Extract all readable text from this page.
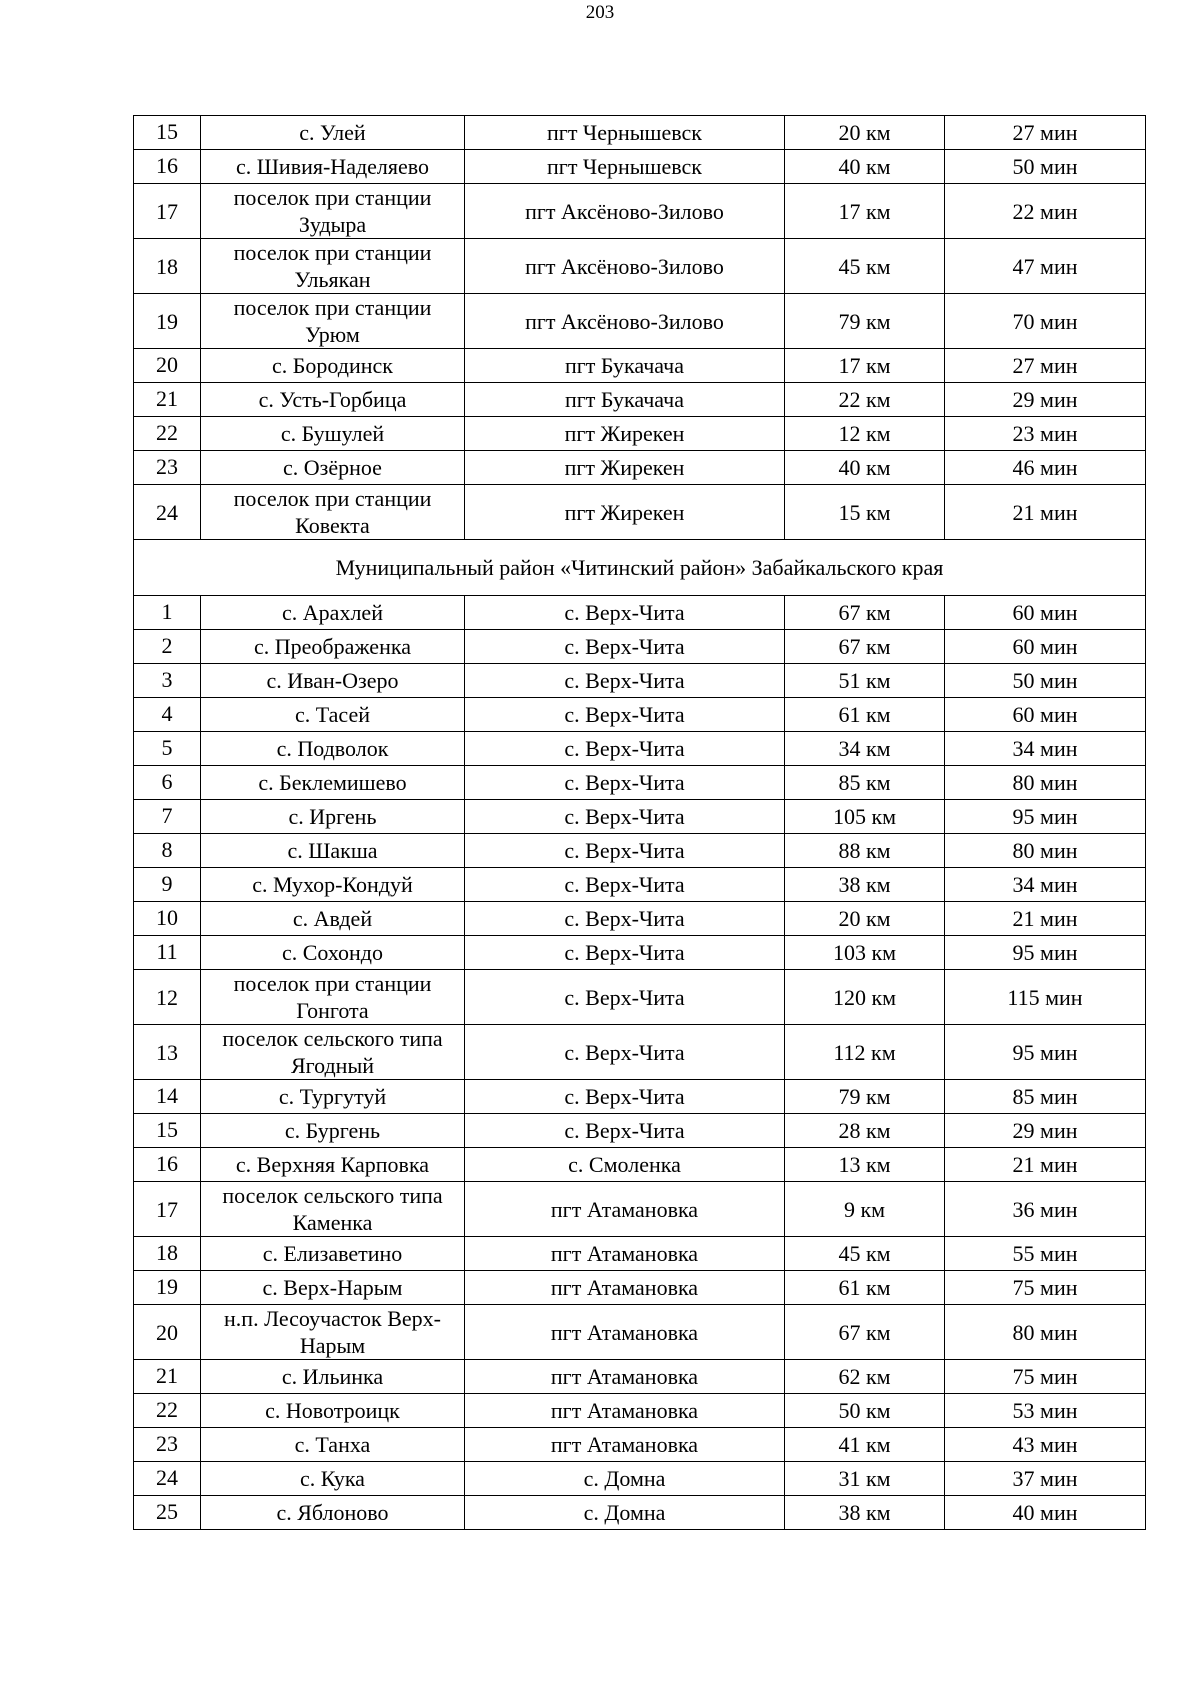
203
15	с. Улей	пгт Чернышевск	20 км	27 мин
16	с. Шивия-Наделяево	пгт Чернышевск	40 км	50 мин
17	поселок при станции Зудыра	пгт Аксёново-Зилово	17 км	22 мин
18	поселок при станции Ульякан	пгт Аксёново-Зилово	45 км	47 мин
19	поселок при станции Урюм	пгт Аксёново-Зилово	79 км	70 мин
20	с. Бородинск	пгт Букачача	17 км	27 мин
21	с. Усть-Горбица	пгт Букачача	22 км	29 мин
22	с. Бушулей	пгт Жирекен	12 км	23 мин
23	с. Озёрное	пгт Жирекен	40 км	46 мин
24	поселок при станции Ковекта	пгт Жирекен	15 км	21 мин
Муниципальный район «Читинский район» Забайкальского края				
1	с. Арахлей	с. Верх-Чита	67 км	60 мин
2	с. Преображенка	с. Верх-Чита	67 км	60 мин
3	с. Иван-Озеро	с. Верх-Чита	51 км	50 мин
4	с. Тасей	с. Верх-Чита	61 км	60 мин
5	с. Подволок	с. Верх-Чита	34 км	34 мин
6	с. Беклемишево	с. Верх-Чита	85 км	80 мин
7	с. Иргень	с. Верх-Чита	105 км	95 мин
8	с. Шакша	с. Верх-Чита	88 км	80 мин
9	с. Мухор-Кондуй	с. Верх-Чита	38 км	34 мин
10	с. Авдей	с. Верх-Чита	20 км	21 мин
11	с. Сохондо	с. Верх-Чита	103 км	95 мин
12	поселок при станции Гонгота	с. Верх-Чита	120 км	115 мин
13	поселок сельского типа Ягодный	с. Верх-Чита	112 км	95 мин
14	с. Тургутуй	с. Верх-Чита	79 км	85 мин
15	с. Бургень	с. Верх-Чита	28 км	29 мин
16	с. Верхняя Карповка	с. Смоленка	13 км	21 мин
17	поселок сельского типа Каменка	пгт Атамановка	9 км	36 мин
18	с. Елизаветино	пгт Атамановка	45 км	55 мин
19	с. Верх-Нарым	пгт Атамановка	61 км	75 мин
20	н.п. Лесоучасток Верх-Нарым	пгт Атамановка	67 км	80 мин
21	с. Ильинка	пгт Атамановка	62 км	75 мин
22	с. Новотроицк	пгт Атамановка	50 км	53 мин
23	с. Танха	пгт Атамановка	41 км	43 мин
24	с. Кука	с. Домна	31 км	37 мин
25	с. Яблоново	с. Домна	38 км	40 мин
